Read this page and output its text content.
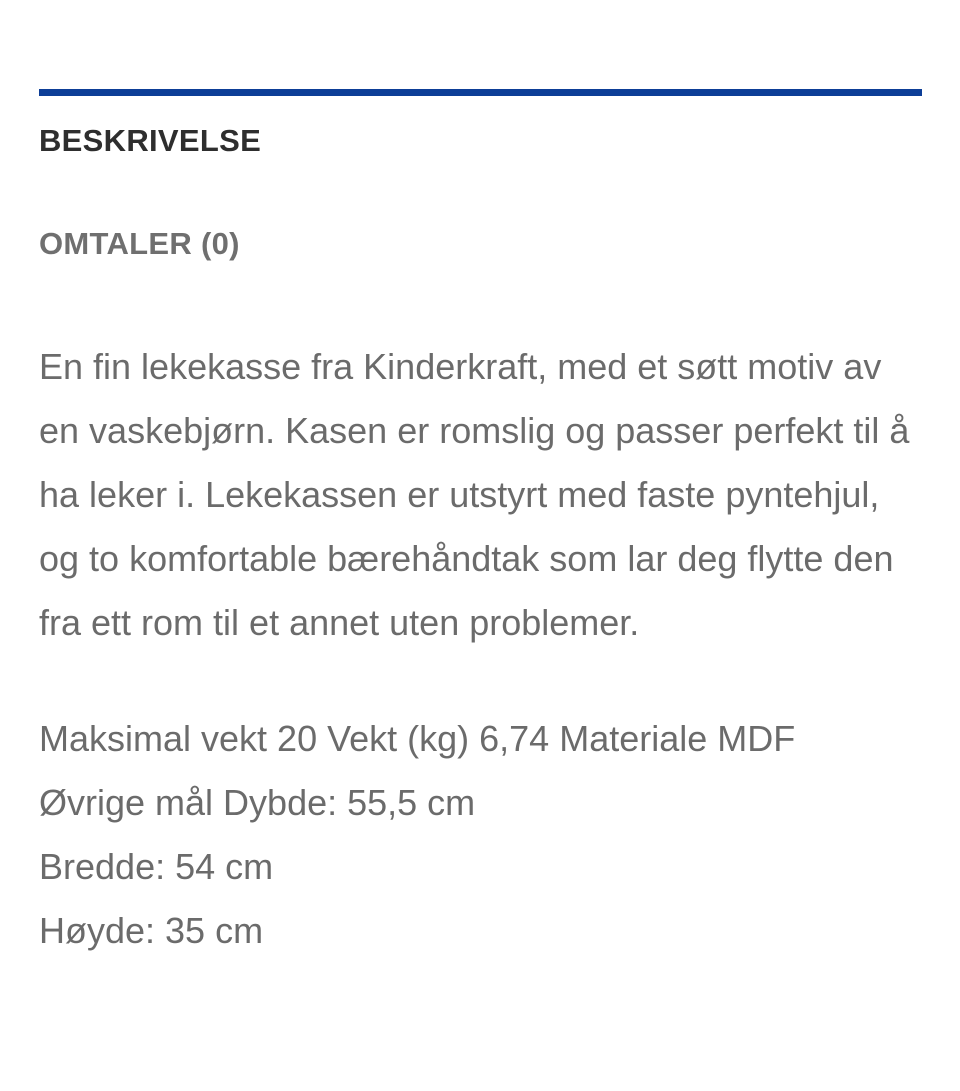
BESKRIVELSE
OMTALER (0)

En fin lekekasse fra Kinderkraft, med et søtt motiv av en vaskebjørn. Kasen er romslig og passer perfekt til å ha leker i. Lekekassen er utstyrt med faste pyntehjul, og to komfortable bærehåndtak som lar deg flytte den fra ett rom til et annet uten problemer.

Maksimal vekt 20 Vekt (kg) 6,74 Materiale MDF
Øvrige mål Dybde: 55,5 cm
Bredde: 54 cm
Høyde: 35 cm
